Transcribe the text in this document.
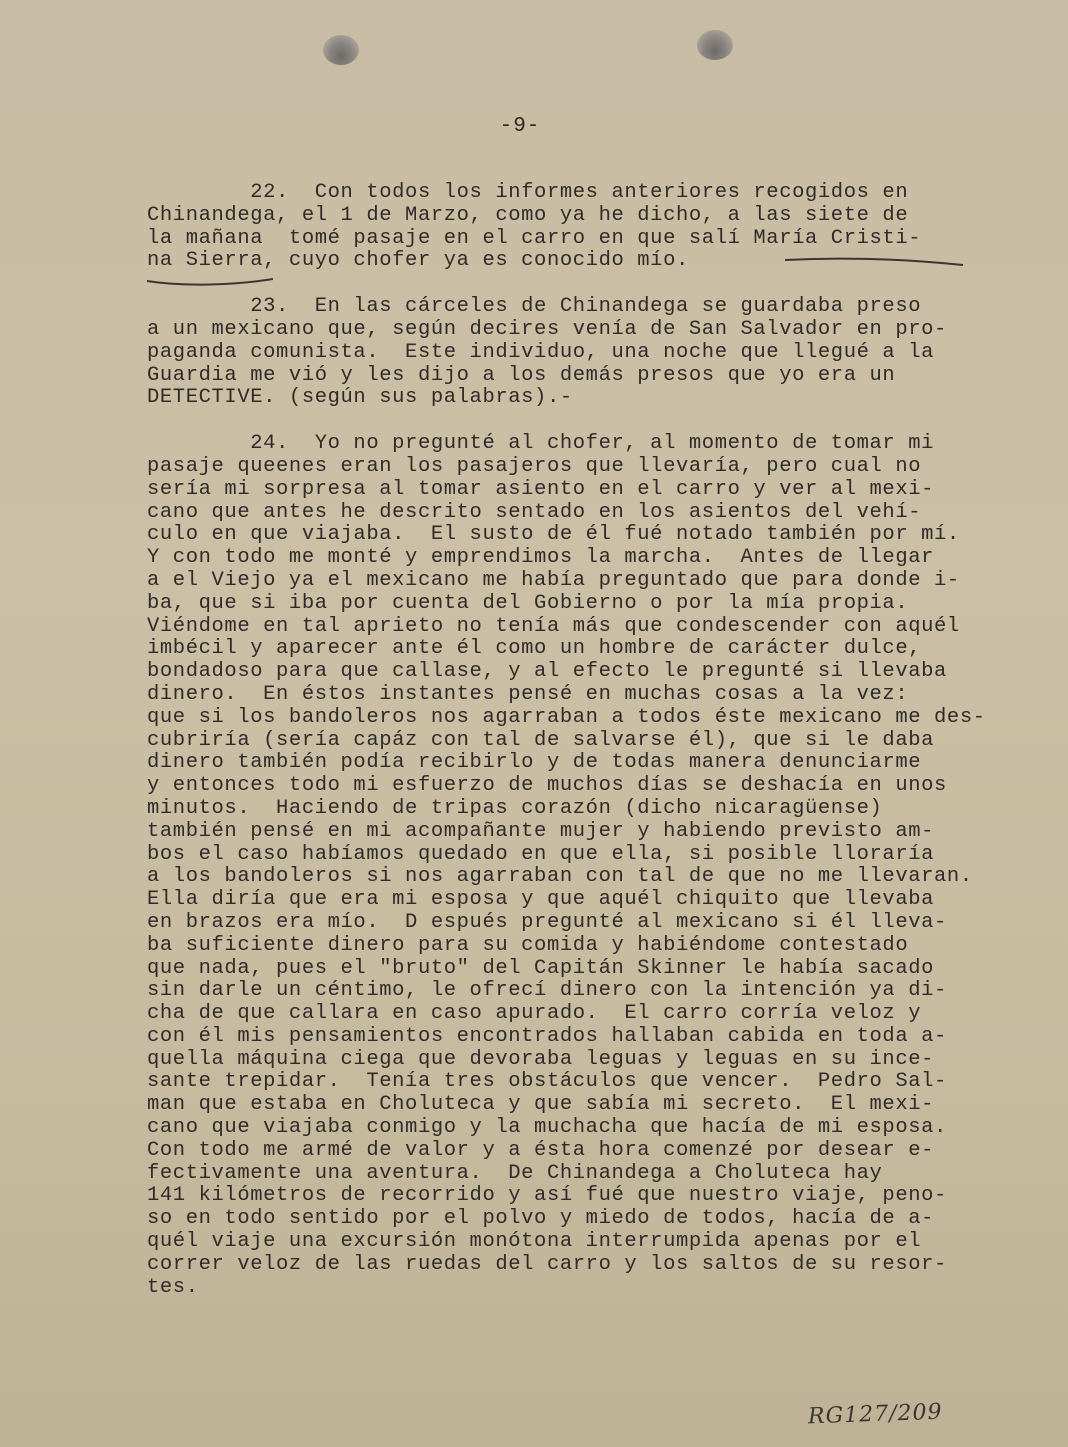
-9-
22.  Con todos los informes anteriores recogidos en
Chinandega, el 1 de Marzo, como ya he dicho, a las siete de
la mañana  tomé pasaje en el carro en que salí María Cristi-
na Sierra, cuyo chofer ya es conocido mío.
23.  En las cárceles de Chinandega se guardaba preso
a un mexicano que, según decires venía de San Salvador en pro-
paganda comunista.  Este individuo, una noche que llegué a la
Guardia me vió y les dijo a los demás presos que yo era un
DETECTIVE. (según sus palabras).-
24.  Yo no pregunté al chofer, al momento de tomar mi
pasaje queenes eran los pasajeros que llevaría, pero cual no
sería mi sorpresa al tomar asiento en el carro y ver al mexi-
cano que antes he descrito sentado en los asientos del vehí-
culo en que viajaba.  El susto de él fué notado también por mí.
Y con todo me monté y emprendimos la marcha.  Antes de llegar
a el Viejo ya el mexicano me había preguntado que para donde i-
ba, que si iba por cuenta del Gobierno o por la mía propia.
Viéndome en tal aprieto no tenía más que condescender con aquél
imbécil y aparecer ante él como un hombre de carácter dulce,
bondadoso para que callase, y al efecto le pregunté si llevaba
dinero.  En éstos instantes pensé en muchas cosas a la vez:
que si los bandoleros nos agarraban a todos éste mexicano me des-
cubriría (sería capáz con tal de salvarse él), que si le daba
dinero también podía recibirlo y de todas manera denunciarme
y entonces todo mi esfuerzo de muchos días se deshacía en unos
minutos.  Haciendo de tripas corazón (dicho nicaragüense)
también pensé en mi acompañante mujer y habiendo previsto am-
bos el caso habíamos quedado en que ella, si posible lloraría
a los bandoleros si nos agarraban con tal de que no me llevaran.
Ella diría que era mi esposa y que aquél chiquito que llevaba
en brazos era mío.  D espués pregunté al mexicano si él lleva-
ba suficiente dinero para su comida y habiéndome contestado
que nada, pues el "bruto" del Capitán Skinner le había sacado
sin darle un céntimo, le ofrecí dinero con la intención ya di-
cha de que callara en caso apurado.  El carro corría veloz y
con él mis pensamientos encontrados hallaban cabida en toda a-
quella máquina ciega que devoraba leguas y leguas en su ince-
sante trepidar.  Tenía tres obstáculos que vencer.  Pedro Sal-
man que estaba en Choluteca y que sabía mi secreto.  El mexi-
cano que viajaba conmigo y la muchacha que hacía de mi esposa.
Con todo me armé de valor y a ésta hora comenzé por desear e-
fectivamente una aventura.  De Chinandega a Choluteca hay
141 kilómetros de recorrido y así fué que nuestro viaje, peno-
so en todo sentido por el polvo y miedo de todos, hacía de a-
quél viaje una excursión monótona interrumpida apenas por el
correr veloz de las ruedas del carro y los saltos de su resor-
tes.
RG127/209
